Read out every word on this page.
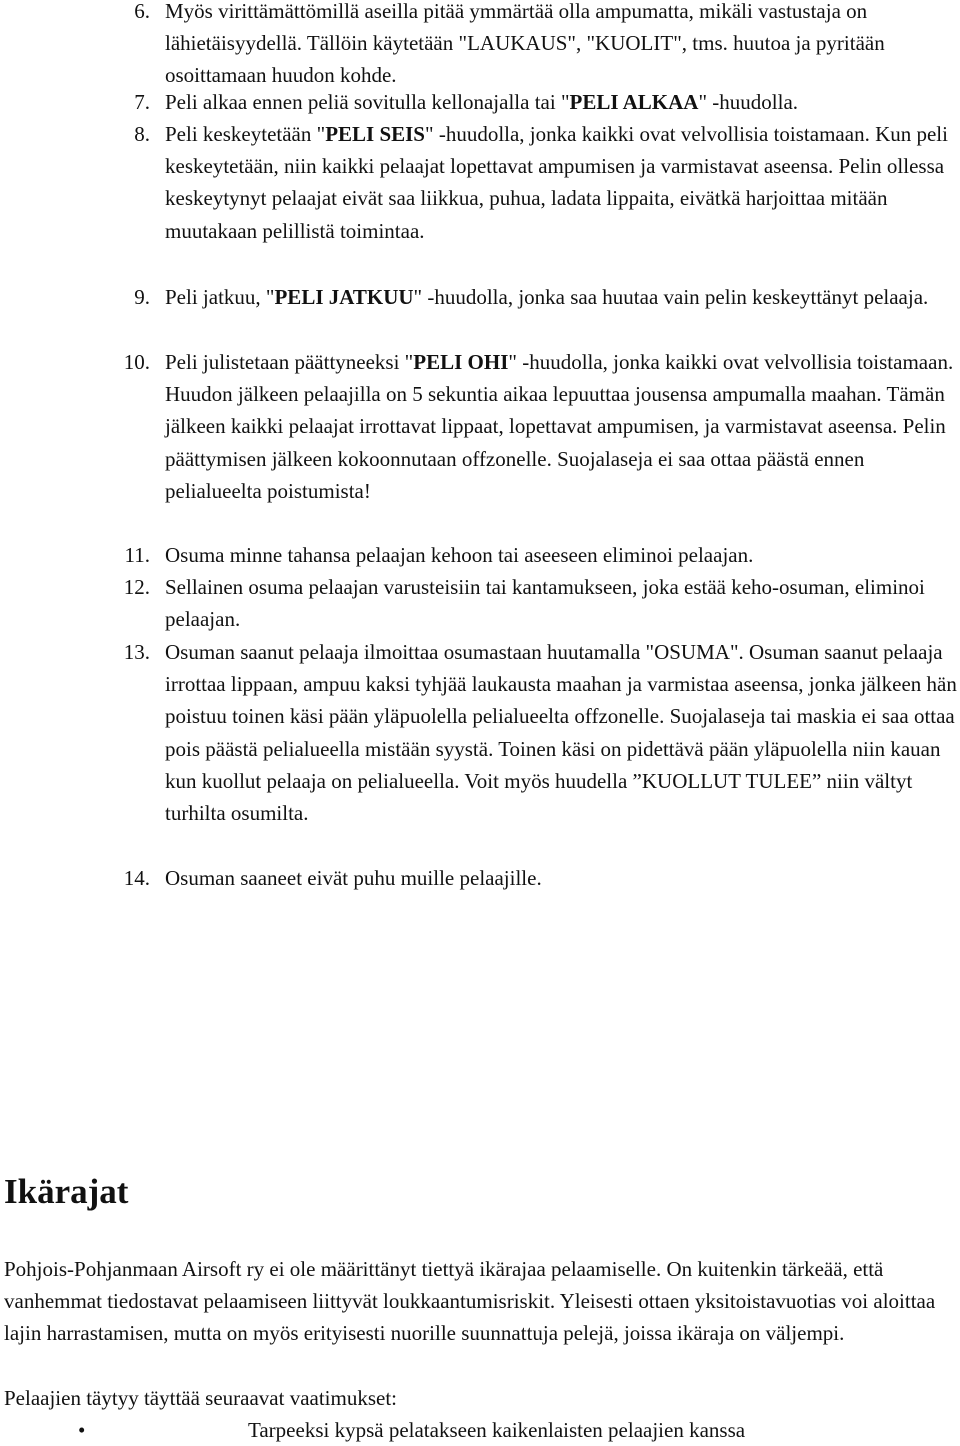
6. Myös virittämättömillä aseilla pitää ymmärtää olla ampumatta, mikäli vastustaja on lähietäisyydellä. Tällöin käytetään "LAUKAUS", "KUOLIT", tms. huutoa ja pyritään osoittamaan huudon kohde.
7. Peli alkaa ennen peliä sovitulla kellonajalla tai "PELI ALKAA" -huudolla.
8. Peli keskeytetään "PELI SEIS" -huudolla, jonka kaikki ovat velvollisia toistamaan. Kun peli keskeytetään, niin kaikki pelaajat lopettavat ampumisen ja varmistavat aseensa. Pelin ollessa keskeytynyt pelaajat eivät saa liikkua, puhua, ladata lippaita, eivätkä harjoittaa mitään muutakaan pelillistä toimintaa.
9. Peli jatkuu, "PELI JATKUU" -huudolla, jonka saa huutaa vain pelin keskeyttänyt pelaaja.
10. Peli julistetaan päättyneeksi "PELI OHI" -huudolla, jonka kaikki ovat velvollisia toistamaan. Huudon jälkeen pelaajilla on 5 sekuntia aikaa lepuuttaa jousensa ampumalla maahan. Tämän jälkeen kaikki pelaajat irrottavat lippaat, lopettavat ampumisen, ja varmistavat aseensa. Pelin päättymisen jälkeen kokoonnutaan offzonelle. Suojalaseja ei saa ottaa päästä ennen pelialueelta poistumista!
11. Osuma minne tahansa pelaajan kehoon tai aseeseen eliminoi pelaajan.
12. Sellainen osuma pelaajan varusteisiin tai kantamukseen, joka estää keho-osuman, eliminoi pelaajan.
13. Osuman saanut pelaaja ilmoittaa osumastaan huutamalla "OSUMA". Osuman saanut pelaaja irrottaa lippaan, ampuu kaksi tyhjää laukausta maahan ja varmistaa aseensa, jonka jälkeen hän poistuu toinen käsi pään yläpuolella pelialueelta offzonelle. Suojalaseja tai maskia ei saa ottaa pois päästä pelialueella mistään syystä. Toinen käsi on pidettävä pään yläpuolella niin kauan kun kuollut pelaaja on pelialueella. Voit myös huudella ”KUOLLUT TULEE” niin vältyt turhilta osumilta.
14. Osuman saaneet eivät puhu muille pelaajille.
Ikärajat

Pohjois-Pohjanmaan Airsoft ry ei ole määrittänyt tiettyä ikärajaa pelaamiselle. On kuitenkin tärkeää, että vanhemmat tiedostavat pelaamiseen liittyvät loukkaantumisriskit. Yleisesti ottaen yksitoistavuotias voi aloittaa lajin harrastamisen, mutta on myös erityisesti nuorille suunnattuja pelejä, joissa ikäraja on väljempi.

Pelaajien täytyy täyttää seuraavat vaatimukset:

•	Tarpeeksi kypsä pelatakseen kaikenlaisten pelaajien kanssa
